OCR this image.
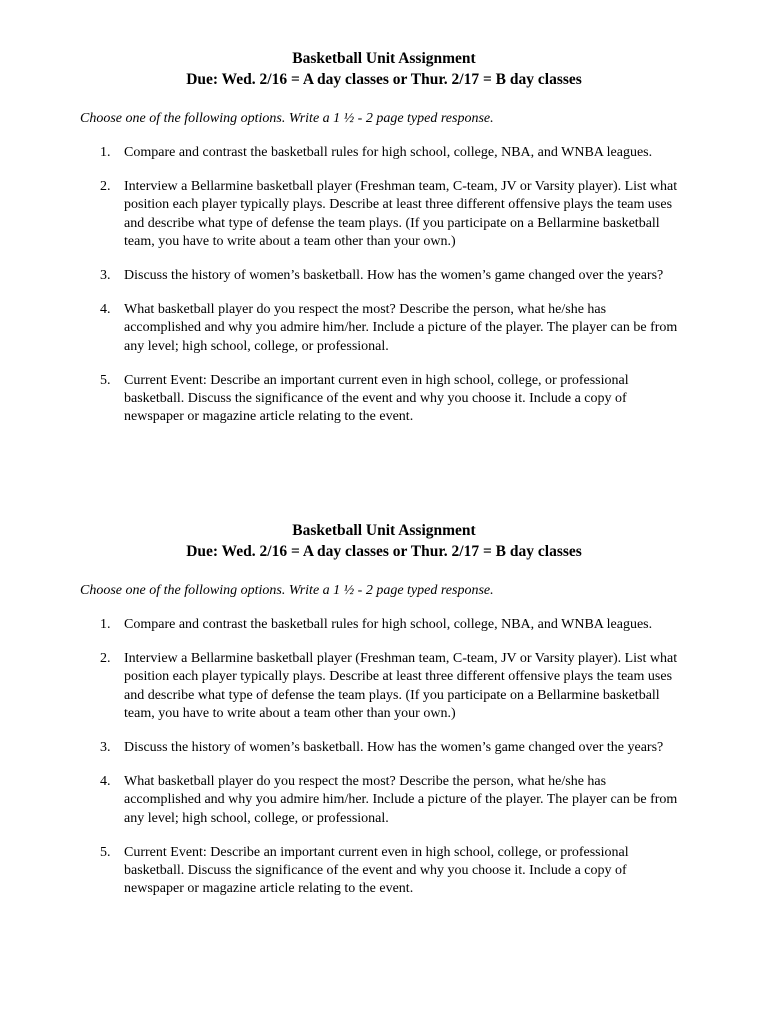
Basketball Unit Assignment

Due: Wed. 2/16 = A day classes or Thur. 2/17 = B day classes

Choose one of the following options. Write a 1 ½ - 2 page typed response.

1. Compare and contrast the basketball rules for high school, college, NBA, and WNBA leagues.
2. Interview a Bellarmine basketball player (Freshman team, C-team, JV or Varsity player). List what position each player typically plays. Describe at least three different offensive plays the team uses and describe what type of defense the team plays. (If you participate on a Bellarmine basketball team, you have to write about a team other than your own.)
3. Discuss the history of women’s basketball. How has the women’s game changed over the years?
4. What basketball player do you respect the most? Describe the person, what he/she has accomplished and why you admire him/her. Include a picture of the player. The player can be from any level; high school, college, or professional.
5. Current Event: Describe an important current even in high school, college, or professional basketball. Discuss the significance of the event and why you choose it. Include a copy of newspaper or magazine article relating to the event.

Basketball Unit Assignment

Due: Wed. 2/16 = A day classes or Thur. 2/17 = B day classes

Choose one of the following options. Write a 1 ½ - 2 page typed response.

1. Compare and contrast the basketball rules for high school, college, NBA, and WNBA leagues.
2. Interview a Bellarmine basketball player (Freshman team, C-team, JV or Varsity player). List what position each player typically plays. Describe at least three different offensive plays the team uses and describe what type of defense the team plays. (If you participate on a Bellarmine basketball team, you have to write about a team other than your own.)
3. Discuss the history of women’s basketball. How has the women’s game changed over the years?
4. What basketball player do you respect the most? Describe the person, what he/she has accomplished and why you admire him/her. Include a picture of the player. The player can be from any level; high school, college, or professional.
5. Current Event: Describe an important current even in high school, college, or professional basketball. Discuss the significance of the event and why you choose it. Include a copy of newspaper or magazine article relating to the event.
